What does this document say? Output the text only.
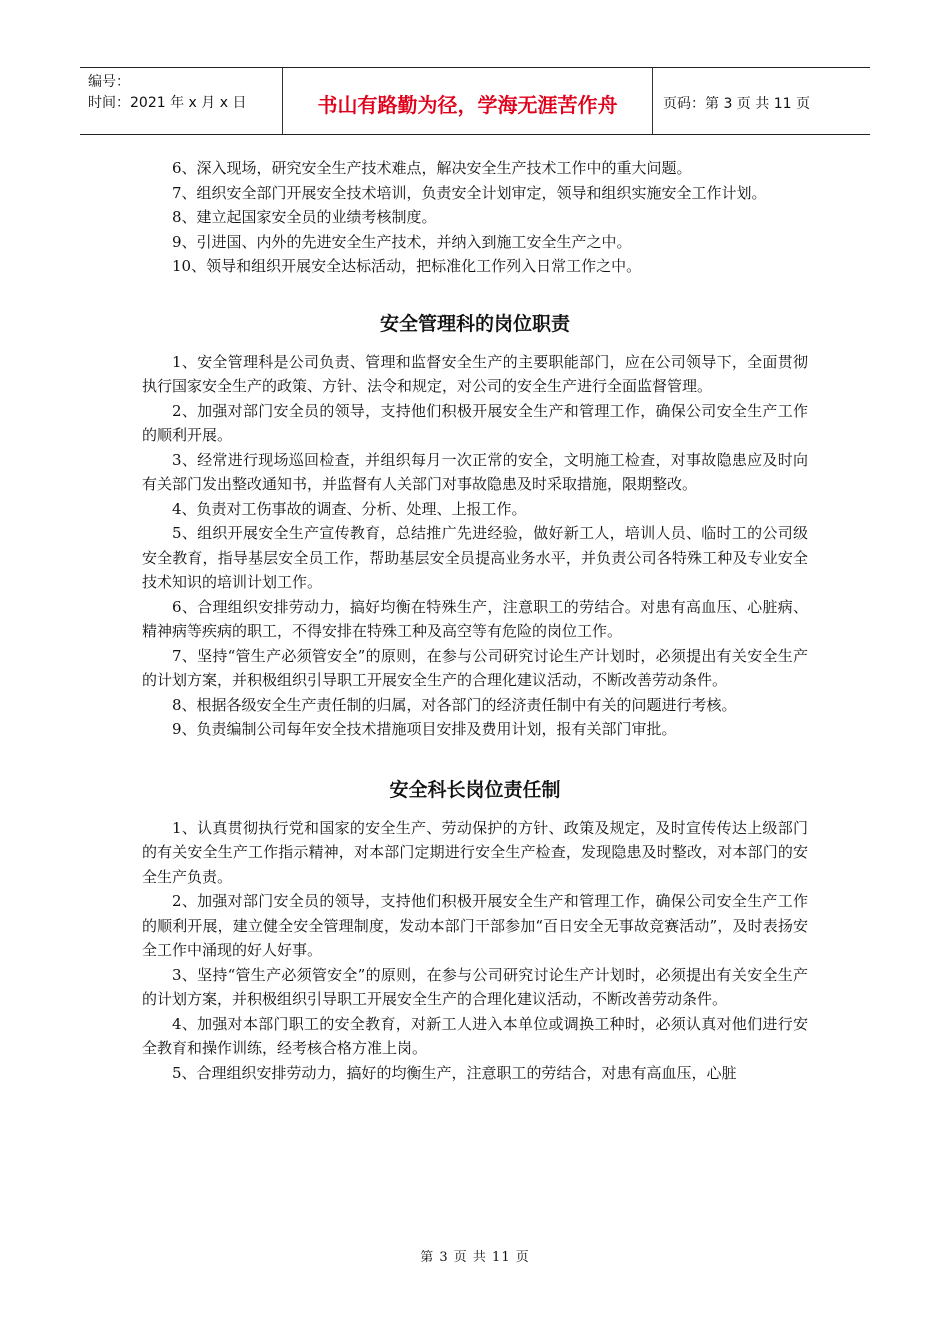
编号：
时间：2021 年 x 月 x 日	书山有路勤为径，学海无涯苦作舟	页码：第 3 页 共 11 页

6、深入现场，研究安全生产技术难点，解决安全生产技术工作中的重大问题。

7、组织安全部门开展安全技术培训，负责安全计划审定，领导和组织实施安全工作计划。

8、建立起国家安全员的业绩考核制度。

9、引进国、内外的先进安全生产技术，并纳入到施工安全生产之中。

10、领导和组织开展安全达标活动，把标准化工作列入日常工作之中。

安全管理科的岗位职责

1、安全管理科是公司负责、管理和监督安全生产的主要职能部门，应在公司领导下，全面贯彻执行国家安全生产的政策、方针、法令和规定，对公司的安全生产进行全面监督管理。

2、加强对部门安全员的领导，支持他们积极开展安全生产和管理工作，确保公司安全生产工作的顺利开展。

3、经常进行现场巡回检查，并组织每月一次正常的安全，文明施工检查，对事故隐患应及时向有关部门发出整改通知书，并监督有人关部门对事故隐患及时采取措施，限期整改。

4、负责对工伤事故的调查、分析、处理、上报工作。

5、组织开展安全生产宣传教育，总结推广先进经验，做好新工人，培训人员、临时工的公司级安全教育，指导基层安全员工作，帮助基层安全员提高业务水平，并负责公司各特殊工种及专业安全技术知识的培训计划工作。

6、合理组织安排劳动力，搞好均衡在特殊生产，注意职工的劳结合。对患有高血压、心脏病、精神病等疾病的职工，不得安排在特殊工种及高空等有危险的岗位工作。

7、坚持“管生产必须管安全”的原则，在参与公司研究讨论生产计划时，必须提出有关安全生产的计划方案，并积极组织引导职工开展安全生产的合理化建议活动，不断改善劳动条件。

8、根据各级安全生产责任制的归属，对各部门的经济责任制中有关的问题进行考核。

9、负责编制公司每年安全技术措施项目安排及费用计划，报有关部门审批。

安全科长岗位责任制

1、认真贯彻执行党和国家的安全生产、劳动保护的方针、政策及规定，及时宣传传达上级部门的有关安全生产工作指示精神，对本部门定期进行安全生产检查，发现隐患及时整改，对本部门的安全生产负责。

2、加强对部门安全员的领导，支持他们积极开展安全生产和管理工作，确保公司安全生产工作的顺利开展，建立健全安全管理制度，发动本部门干部参加“百日安全无事故竞赛活动”，及时表扬安全工作中涌现的好人好事。

3、坚持“管生产必须管安全”的原则，在参与公司研究讨论生产计划时，必须提出有关安全生产的计划方案，并积极组织引导职工开展安全生产的合理化建议活动，不断改善劳动条件。

4、加强对本部门职工的安全教育，对新工人进入本单位或调换工种时，必须认真对他们进行安全教育和操作训练，经考核合格方准上岗。

5、合理组织安排劳动力，搞好的均衡生产，注意职工的劳结合，对患有高血压，心脏

第 3 页 共 11 页
